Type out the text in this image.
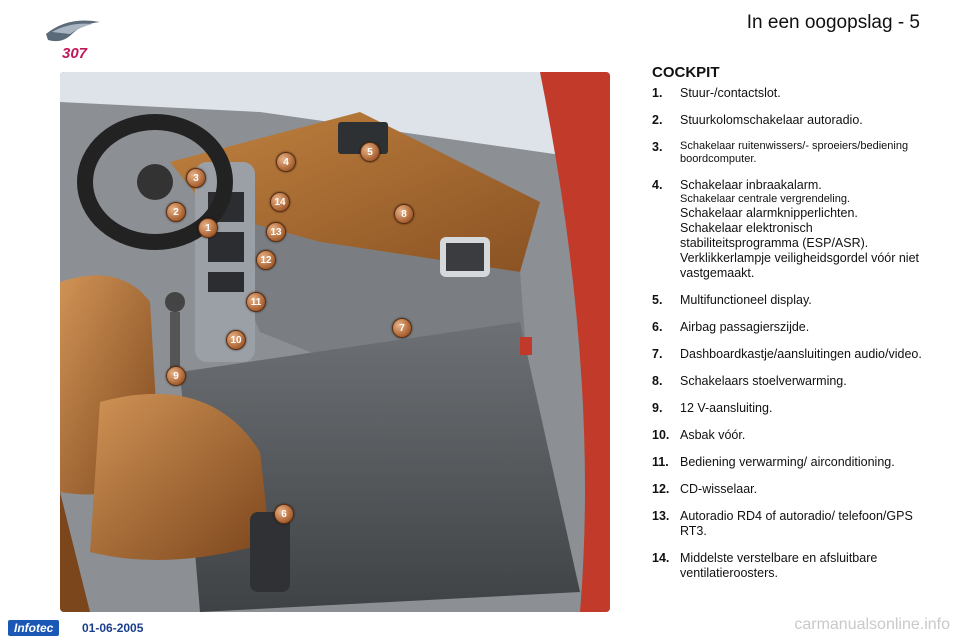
307
In een oogopslag - 5
1
2
3
4
5
6
7
8
9
10
11
12
13
14
COCKPIT
1.	Stuur-/contactslot.
2.	Stuurkolomschakelaar autoradio.
3.	Schakelaar ruitenwissers/- sproeiers/bediening boordcomputer.
4.	Schakelaar inbraakalarm.
Schakelaar centrale vergrendeling.
Schakelaar alarmknipperlichten.
Schakelaar elektronisch stabiliteitsprogramma (ESP/ASR).
Verklikkerlampje veiligheidsgordel vóór niet vastgemaakt.
5.	Multifunctioneel display.
6.	Airbag passagierszijde.
7.	Dashboardkastje/aansluitingen audio/video.
8.	Schakelaars stoelverwarming.
9.	12 V-aansluiting.
10. Asbak vóór.
11. Bediening verwarming/ airconditioning.
12. CD-wisselaar.
13. Autoradio RD4 of autoradio/ telefoon/GPS RT3.
14. Middelste verstelbare en afsluitbare ventilatieroosters.
Infotec	01-06-2005	carmanualsonline.info
